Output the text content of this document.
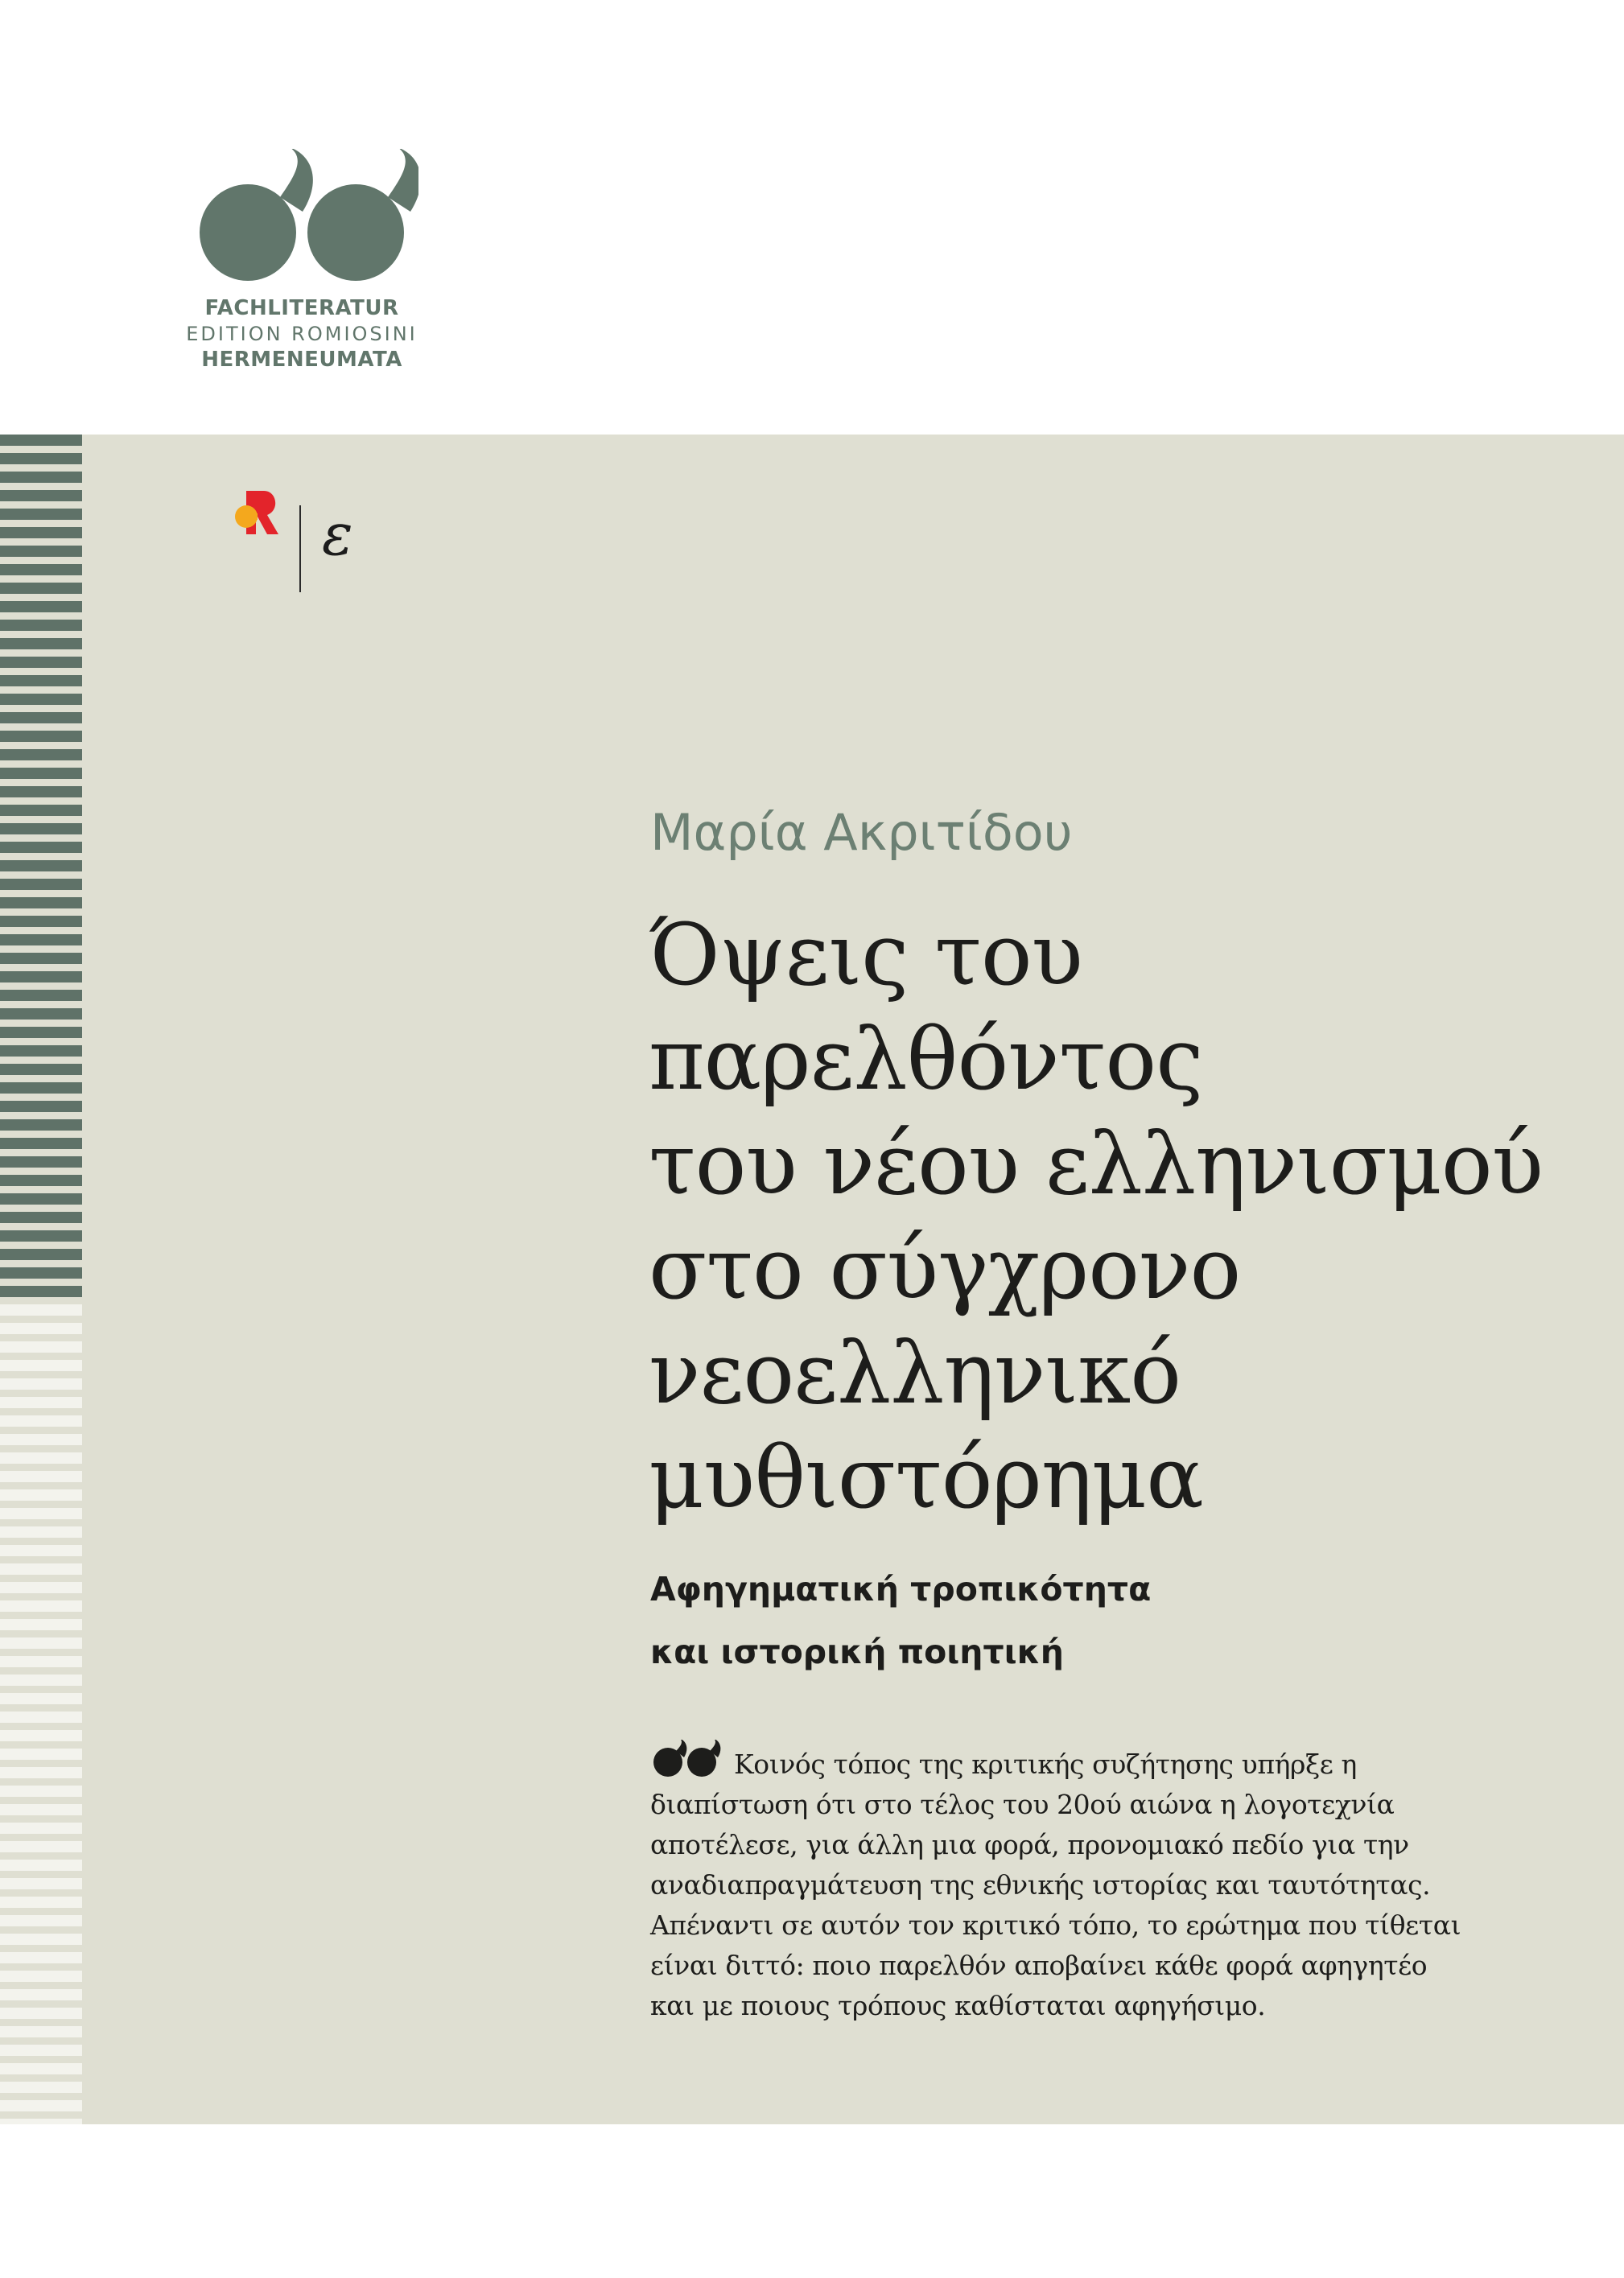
FACHLITERATUR
EDITION ROMIOSINI
HERMENEUMATA
ε
Μαρία Ακριτίδου
Όψεις του
παρελθόντος
του νέου ελληνισμού
στο σύγχρονο
νεοελληνικό
μυθιστόρημα
Αφηγηματική τροπικότητα
και ιστορική ποιητική
Κοινός τόπος της κριτικής συζήτησης υπήρξε η διαπίστωση ότι στο τέλος του 20ού αιώνα η λογοτεχνία αποτέλεσε, για άλλη μια φορά, προνομιακό πεδίο για την αναδιαπραγμάτευση της εθνικής ιστορίας και ταυτότητας. Απέναντι σε αυτόν τον κριτικό τόπο, το ερώτημα που τίθεται είναι διττό: ποιο παρελθόν αποβαίνει κάθε φορά αφηγητέο και με ποιους τρόπους καθίσταται αφηγήσιμο.
